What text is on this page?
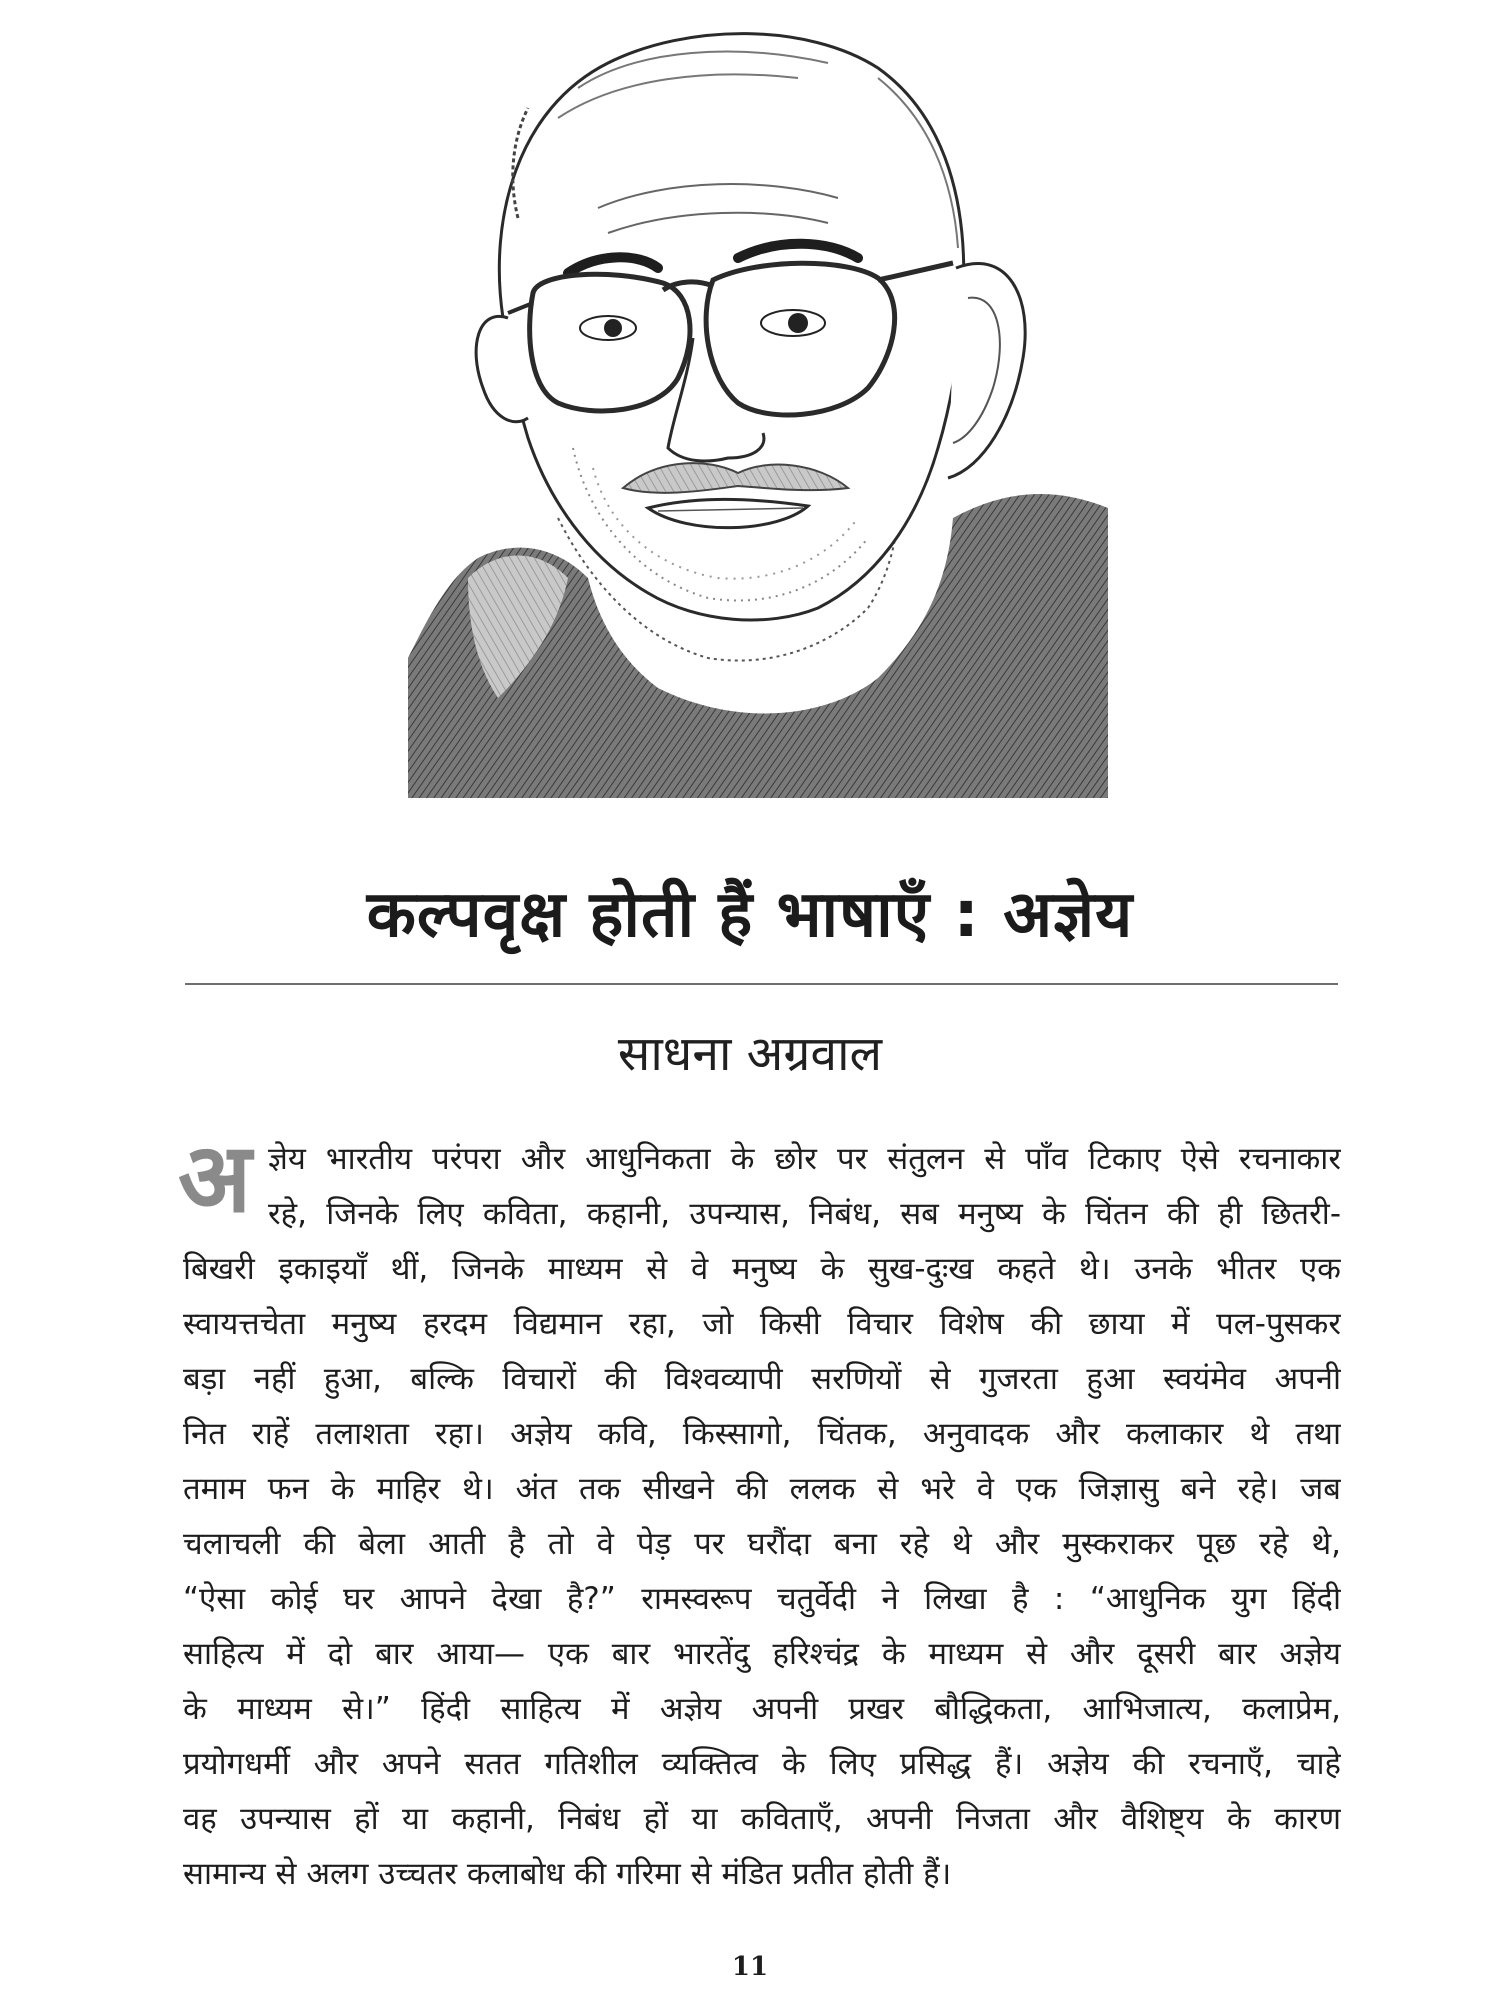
कल्पवृक्ष होती हैं भाषाएँ : अज्ञेय
साधना अग्रवाल
अ ज्ञेय भारतीय परंपरा और आधुनिकता के छोर पर संतुलन से पाँव टिकाए ऐसे रचनाकार
रहे, जिनके लिए कविता, कहानी, उपन्यास, निबंध, सब मनुष्य के चिंतन की ही छितरी-
बिखरी इकाइयाँ थीं, जिनके माध्यम से वे मनुष्य के सुख-दुःख कहते थे। उनके भीतर एक
स्वायत्तचेता मनुष्य हरदम विद्यमान रहा, जो किसी विचार विशेष की छाया में पल-पुसकर
बड़ा नहीं हुआ, बल्कि विचारों की विश्वव्यापी सरणियों से गुजरता हुआ स्वयंमेव अपनी
नित राहें तलाशता रहा। अज्ञेय कवि, किस्सागो, चिंतक, अनुवादक और कलाकार थे तथा
तमाम फन के माहिर थे। अंत तक सीखने की ललक से भरे वे एक जिज्ञासु बने रहे। जब
चलाचली की बेला आती है तो वे पेड़ पर घरौंदा बना रहे थे और मुस्कराकर पूछ रहे थे,
“ऐसा कोई घर आपने देखा है?” रामस्वरूप चतुर्वेदी ने लिखा है : “आधुनिक युग हिंदी
साहित्य में दो बार आया— एक बार भारतेंदु हरिश्चंद्र के माध्यम से और दूसरी बार अज्ञेय
के माध्यम से।” हिंदी साहित्य में अज्ञेय अपनी प्रखर बौद्धिकता, आभिजात्य, कलाप्रेम,
प्रयोगधर्मी और अपने सतत गतिशील व्यक्तित्व के लिए प्रसिद्ध हैं। अज्ञेय की रचनाएँ, चाहे
वह उपन्यास हों या कहानी, निबंध हों या कविताएँ, अपनी निजता और वैशिष्ट्य के कारण
सामान्य से अलग उच्चतर कलाबोध की गरिमा से मंडित प्रतीत होती हैं।
11
